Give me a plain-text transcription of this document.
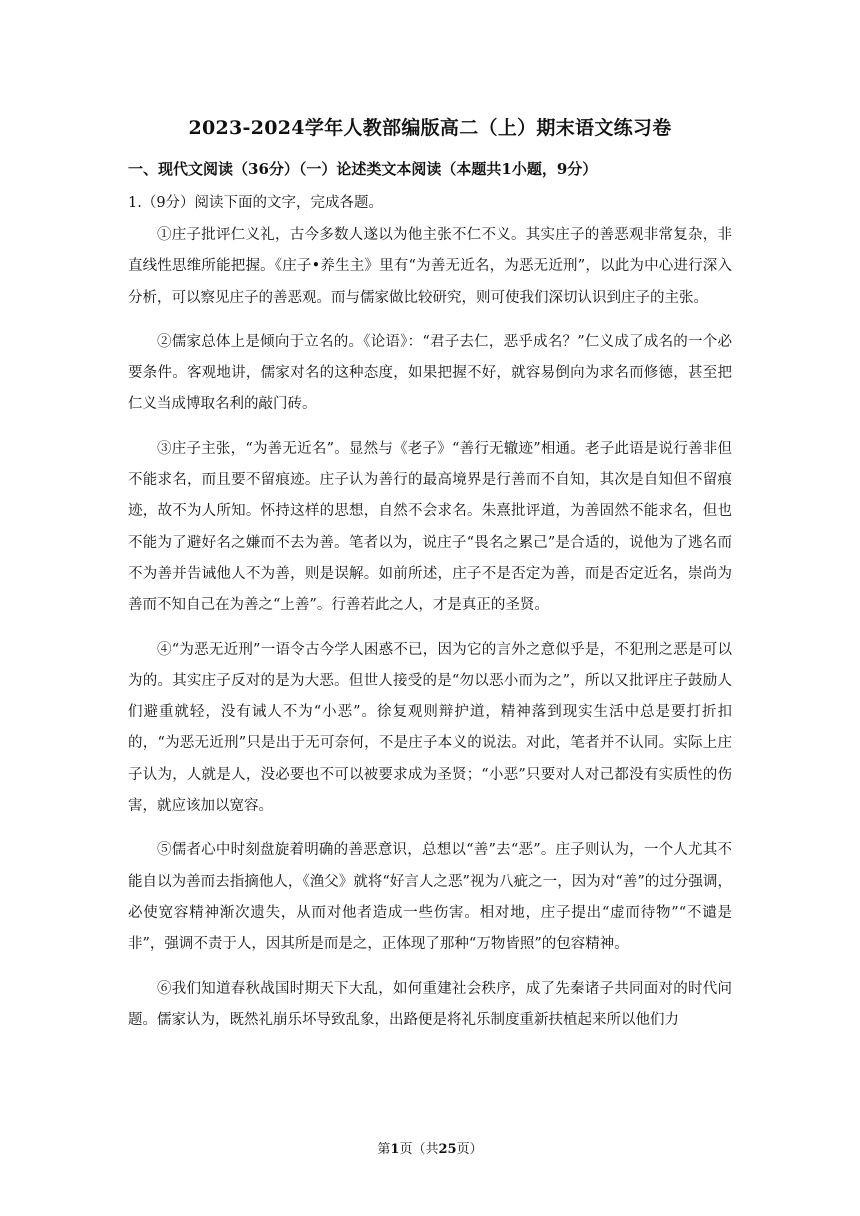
2023-2024学年人教部编版高二（上）期末语文练习卷
一、现代文阅读（36分）（一）论述类文本阅读（本题共1小题，9分）
1.（9分）阅读下面的文字，完成各题。

①庄子批评仁义礼，古今多数人遂以为他主张不仁不义。其实庄子的善恶观非常复杂，非直线性思维所能把握。《庄子•养生主》里有“为善无近名，为恶无近刑”，以此为中心进行深入分析，可以察见庄子的善恶观。而与儒家做比较研究，则可使我们深切认识到庄子的主张。

②儒家总体上是倾向于立名的。《论语》：“君子去仁，恶乎成名？”仁义成了成名的一个必要条件。客观地讲，儒家对名的这种态度，如果把握不好，就容易倒向为求名而修德，甚至把仁义当成博取名利的敲门砖。

③庄子主张，“为善无近名”。显然与《老子》“善行无辙迹”相通。老子此语是说行善非但不能求名，而且要不留痕迹。庄子认为善行的最高境界是行善而不自知，其次是自知但不留痕迹，故不为人所知。怀持这样的思想，自然不会求名。朱熹批评道，为善固然不能求名，但也不能为了避好名之嫌而不去为善。笔者以为，说庄子“畏名之累己”是合适的，说他为了逃名而不为善并告诫他人不为善，则是误解。如前所述，庄子不是否定为善，而是否定近名，崇尚为善而不知自己在为善之“上善”。行善若此之人，才是真正的圣贤。

④“为恶无近刑”一语令古今学人困惑不已，因为它的言外之意似乎是，不犯刑之恶是可以为的。其实庄子反对的是为大恶。但世人接受的是“勿以恶小而为之”，所以又批评庄子鼓励人们避重就轻，没有诫人不为“小恶”。徐复观则辩护道，精神落到现实生活中总是要打折扣的，“为恶无近刑”只是出于无可奈何，不是庄子本义的说法。对此，笔者并不认同。实际上庄子认为，人就是人，没必要也不可以被要求成为圣贤；“小恶”只要对人对己都没有实质性的伤害，就应该加以宽容。

⑤儒者心中时刻盘旋着明确的善恶意识，总想以“善”去“恶”。庄子则认为，一个人尤其不能自以为善而去指摘他人，《渔父》就将“好言人之恶”视为八疵之一，因为对“善”的过分强调，必使宽容精神渐次遗失，从而对他者造成一些伤害。相对地，庄子提出“虚而待物”“不谴是非”，强调不责于人，因其所是而是之，正体现了那种“万物皆照”的包容精神。

⑥我们知道春秋战国时期天下大乱，如何重建社会秩序，成了先秦诸子共同面对的时代问题。儒家认为，既然礼崩乐坏导致乱象，出路便是将礼乐制度重新扶植起来所以他们力

第1页（共25页）
